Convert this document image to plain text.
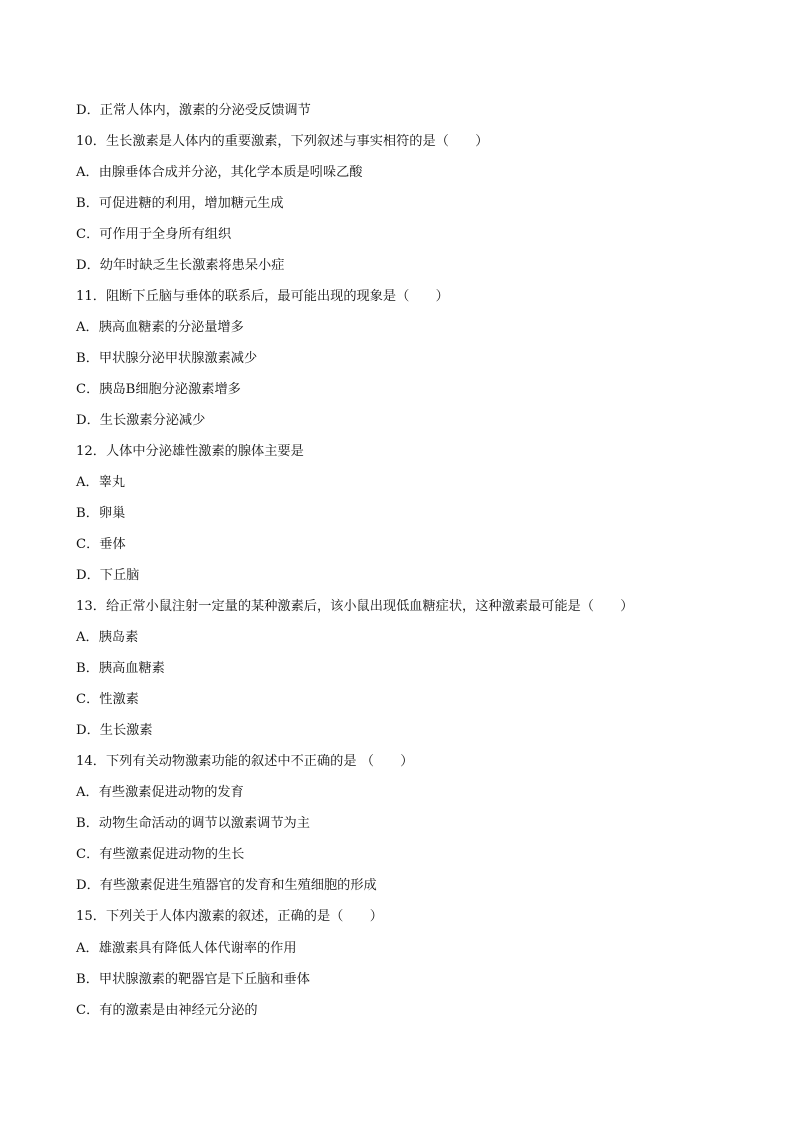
D．正常人体内，激素的分泌受反馈调节
10．生长激素是人体内的重要激素，下列叙述与事实相符的是（　　）
A．由腺垂体合成并分泌，其化学本质是吲哚乙酸
B．可促进糖的利用，增加糖元生成
C．可作用于全身所有组织
D．幼年时缺乏生长激素将患呆小症
11．阻断下丘脑与垂体的联系后，最可能出现的现象是（　　）
A．胰高血糖素的分泌量增多
B．甲状腺分泌甲状腺激素减少
C．胰岛B细胞分泌激素增多
D．生长激素分泌减少
12．人体中分泌雄性激素的腺体主要是
A．睾丸
B．卵巢
C．垂体
D．下丘脑
13．给正常小鼠注射一定量的某种激素后，该小鼠出现低血糖症状，这种激素最可能是（　　）
A．胰岛素
B．胰高血糖素
C．性激素
D．生长激素
14．下列有关动物激素功能的叙述中不正确的是 （　　）
A．有些激素促进动物的发育
B．动物生命活动的调节以激素调节为主
C．有些激素促进动物的生长
D．有些激素促进生殖器官的发育和生殖细胞的形成
15．下列关于人体内激素的叙述，正确的是（　　）
A．雄激素具有降低人体代谢率的作用
B．甲状腺激素的靶器官是下丘脑和垂体
C．有的激素是由神经元分泌的
